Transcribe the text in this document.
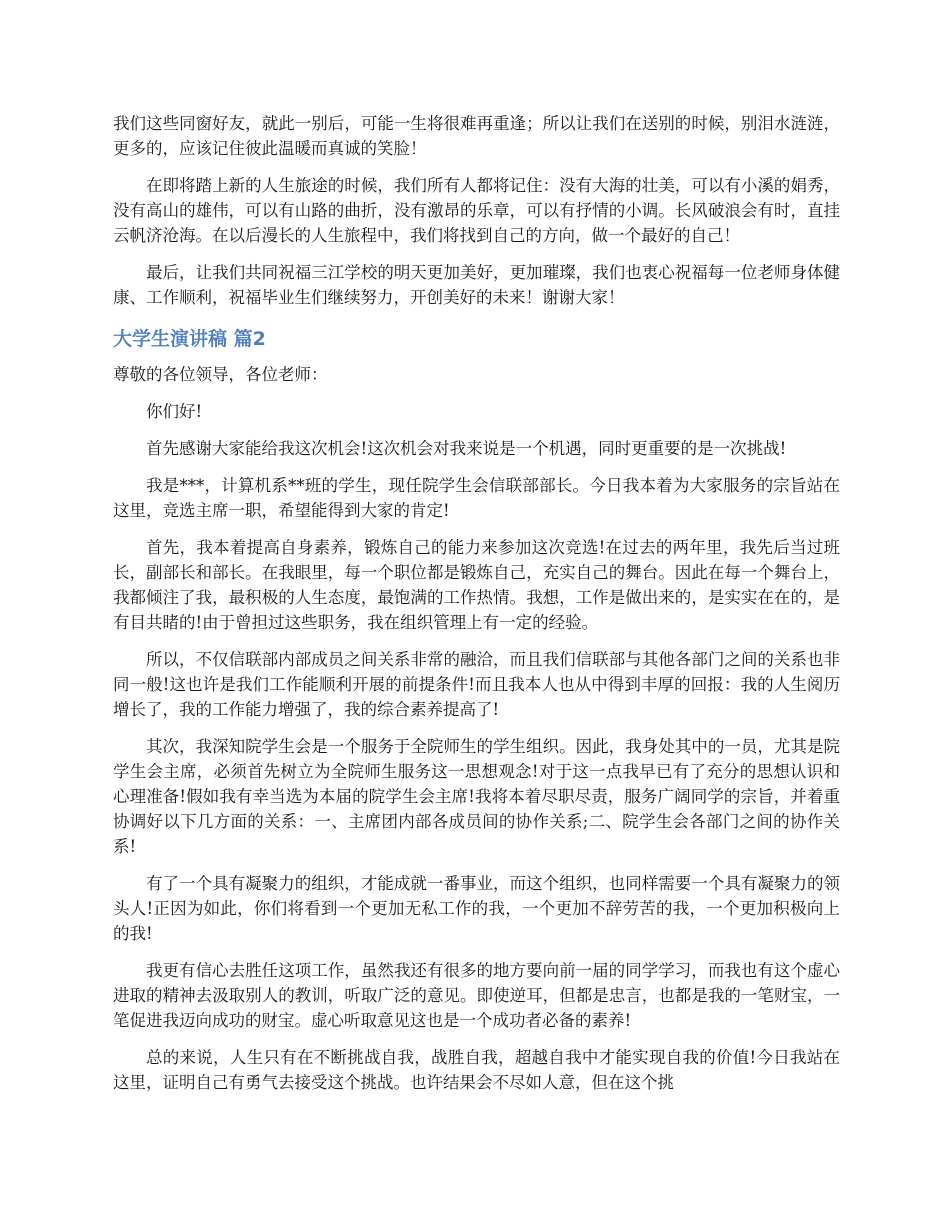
我们这些同窗好友，就此一别后，可能一生将很难再重逢；所以让我们在送别的时候，别泪水涟涟，更多的，应该记住彼此温暖而真诚的笑脸！

在即将踏上新的人生旅途的时候，我们所有人都将记住：没有大海的壮美，可以有小溪的娟秀，没有高山的雄伟，可以有山路的曲折，没有激昂的乐章，可以有抒情的小调。长风破浪会有时，直挂云帆济沧海。在以后漫长的人生旅程中，我们将找到自己的方向，做一个最好的自己！

最后，让我们共同祝福三江学校的明天更加美好，更加璀璨，我们也衷心祝福每一位老师身体健康、工作顺利，祝福毕业生们继续努力，开创美好的未来！谢谢大家！

大学生演讲稿 篇2

尊敬的各位领导，各位老师：

你们好!

首先感谢大家能给我这次机会!这次机会对我来说是一个机遇，同时更重要的是一次挑战!

我是***，计算机系**班的学生，现任院学生会信联部部长。今日我本着为大家服务的宗旨站在这里，竞选主席一职，希望能得到大家的肯定!

首先，我本着提高自身素养，锻炼自己的能力来参加这次竞选!在过去的两年里，我先后当过班长，副部长和部长。在我眼里，每一个职位都是锻炼自己，充实自己的舞台。因此在每一个舞台上，我都倾注了我，最积极的人生态度，最饱满的工作热情。我想，工作是做出来的，是实实在在的，是有目共睹的!由于曾担过这些职务，我在组织管理上有一定的经验。

所以，不仅信联部内部成员之间关系非常的融洽，而且我们信联部与其他各部门之间的关系也非同一般!这也许是我们工作能顺利开展的前提条件!而且我本人也从中得到丰厚的回报：我的人生阅历增长了，我的工作能力增强了，我的综合素养提高了!

其次，我深知院学生会是一个服务于全院师生的学生组织。因此，我身处其中的一员，尤其是院学生会主席，必须首先树立为全院师生服务这一思想观念!对于这一点我早已有了充分的思想认识和心理准备!假如我有幸当选为本届的院学生会主席!我将本着尽职尽责，服务广阔同学的宗旨，并着重协调好以下几方面的关系：一、主席团内部各成员间的协作关系;二、院学生会各部门之间的协作关系!

有了一个具有凝聚力的组织，才能成就一番事业，而这个组织，也同样需要一个具有凝聚力的领头人!正因为如此，你们将看到一个更加无私工作的我，一个更加不辞劳苦的我，一个更加积极向上的我!

我更有信心去胜任这项工作，虽然我还有很多的地方要向前一届的同学学习，而我也有这个虚心进取的精神去汲取别人的教训，听取广泛的意见。即使逆耳，但都是忠言，也都是我的一笔财宝，一笔促进我迈向成功的财宝。虚心听取意见这也是一个成功者必备的素养!

总的来说，人生只有在不断挑战自我，战胜自我，超越自我中才能实现自我的价值!今日我站在这里，证明自己有勇气去接受这个挑战。也许结果会不尽如人意，但在这个挑
